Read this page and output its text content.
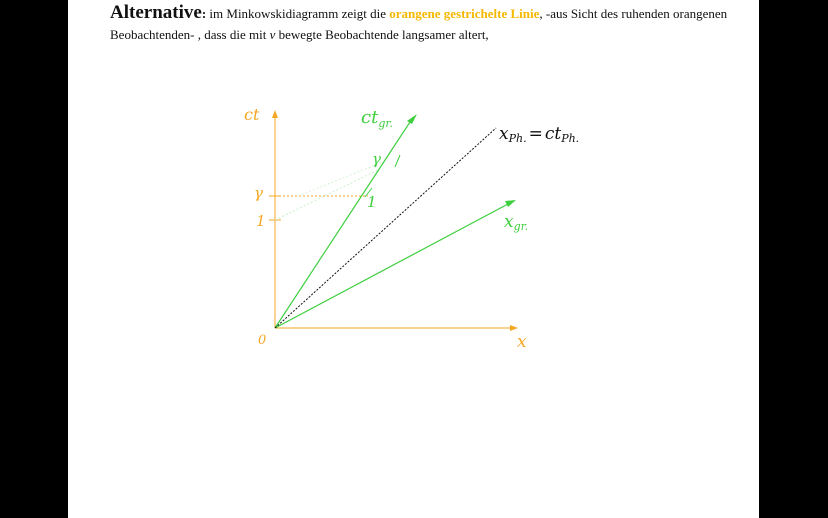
Alternative: im Minkowskidiagramm zeigt die orangene gestrichelte Linie, -aus Sicht des ruhenden orangenen Beobachtenden- , dass die mit v bewegte Beobachtende langsamer altert,
ct
x
0
γ
1
$ct_{gr.}$
γ
1
xPh. = ctPh.
xgr.
